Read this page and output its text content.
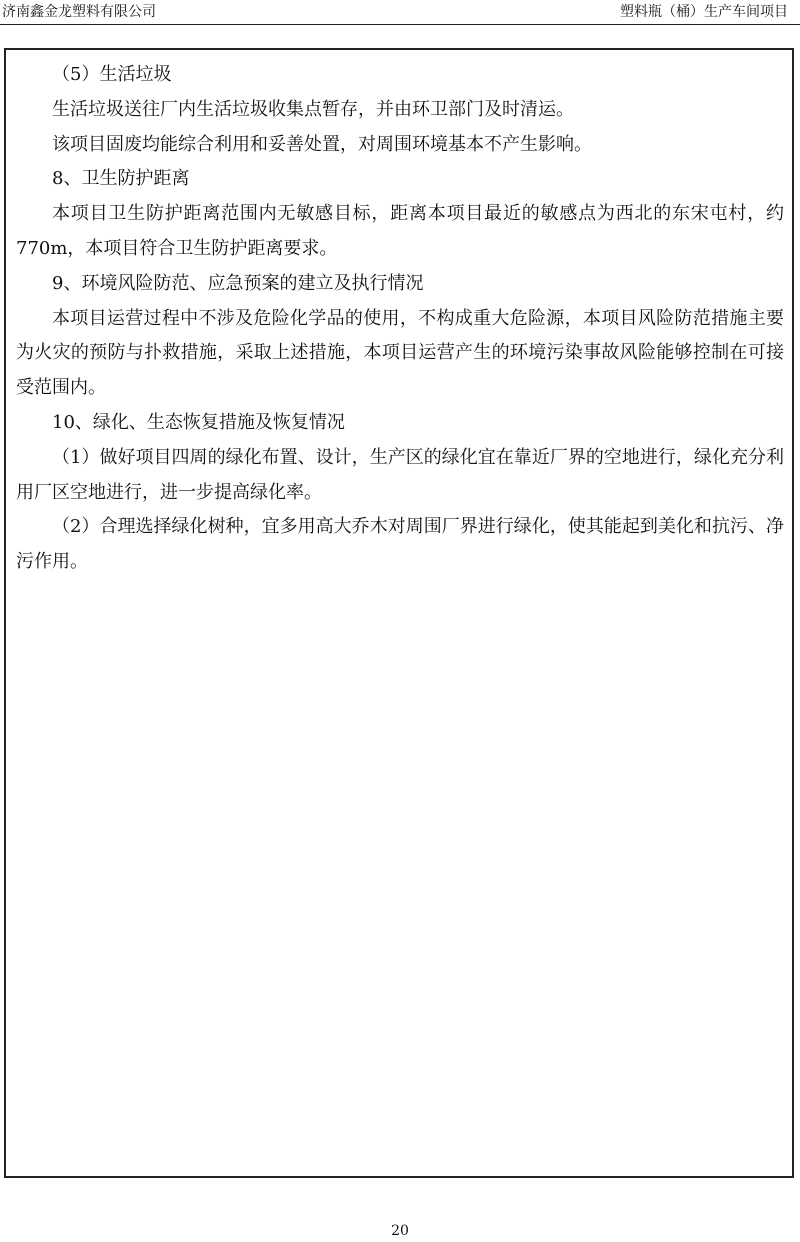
济南鑫金龙塑料有限公司	塑料瓶（桶）生产车间项目

（5）生活垃圾

生活垃圾送往厂内生活垃圾收集点暂存，并由环卫部门及时清运。

该项目固废均能综合利用和妥善处置，对周围环境基本不产生影响。

8、卫生防护距离

本项目卫生防护距离范围内无敏感目标，距离本项目最近的敏感点为西北的东宋屯村，约 770m，本项目符合卫生防护距离要求。

9、环境风险防范、应急预案的建立及执行情况

本项目运营过程中不涉及危险化学品的使用，不构成重大危险源，本项目风险防范措施主要为火灾的预防与扑救措施，采取上述措施，本项目运营产生的环境污染事故风险能够控制在可接受范围内。

10、绿化、生态恢复措施及恢复情况

（1）做好项目四周的绿化布置、设计，生产区的绿化宜在靠近厂界的空地进行，绿化充分利用厂区空地进行，进一步提高绿化率。

（2）合理选择绿化树种，宜多用高大乔木对周围厂界进行绿化，使其能起到美化和抗污、净污作用。

20
